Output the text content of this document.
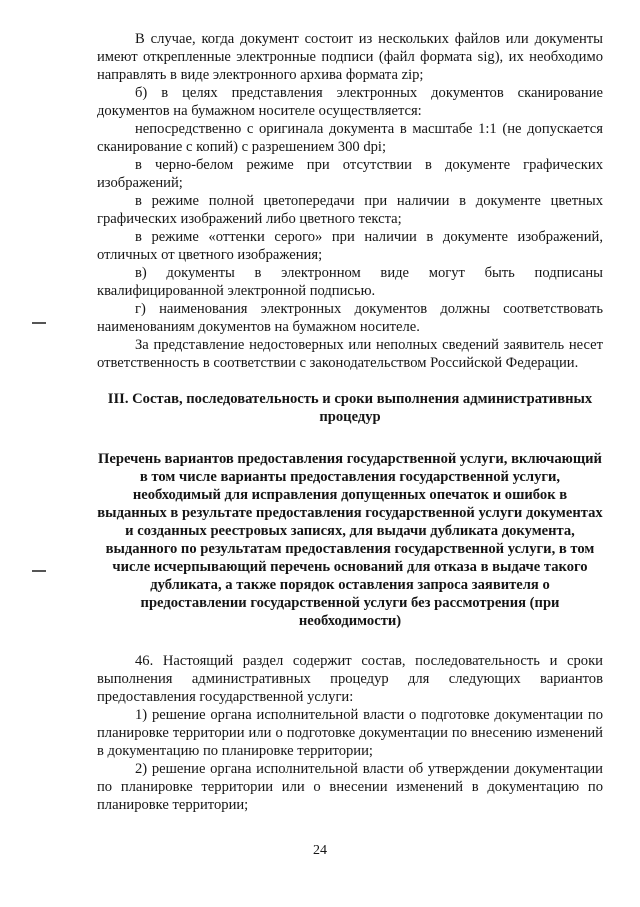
В случае, когда документ состоит из нескольких файлов или документы имеют открепленные электронные подписи (файл формата sig), их необходимо направлять в виде электронного архива формата zip;

б) в целях представления электронных документов сканирование документов на бумажном носителе осуществляется:

непосредственно с оригинала документа в масштабе 1:1 (не допускается сканирование с копий) с разрешением 300 dpi;

в черно-белом режиме при отсутствии в документе графических изображений;

в режиме полной цветопередачи при наличии в документе цветных графических изображений либо цветного текста;

в режиме «оттенки серого» при наличии в документе изображений, отличных от цветного изображения;

в) документы в электронном виде могут быть подписаны квалифицированной электронной подписью.

г) наименования электронных документов должны соответствовать наименованиям документов на бумажном носителе.

За представление недостоверных или неполных сведений заявитель несет ответственность в соответствии с законодательством Российской Федерации.

III. Состав, последовательность и сроки выполнения административных процедур

Перечень вариантов предоставления государственной услуги, включающий в том числе варианты предоставления государственной услуги, необходимый для исправления допущенных опечаток и ошибок в выданных в результате предоставления государственной услуги документах и созданных реестровых записях, для выдачи дубликата документа, выданного по результатам предоставления государственной услуги, в том числе исчерпывающий перечень оснований для отказа в выдаче такого дубликата, а также порядок оставления запроса заявителя о предоставлении государственной услуги без рассмотрения (при необходимости)

46. Настоящий раздел содержит состав, последовательность и сроки выполнения административных процедур для следующих вариантов предоставления государственной услуги:

1) решение органа исполнительной власти о подготовке документации по планировке территории или о подготовке документации по внесению изменений в документацию по планировке территории;

2) решение органа исполнительной власти об утверждении документации по планировке территории или о внесении изменений в документацию по планировке территории;

24
